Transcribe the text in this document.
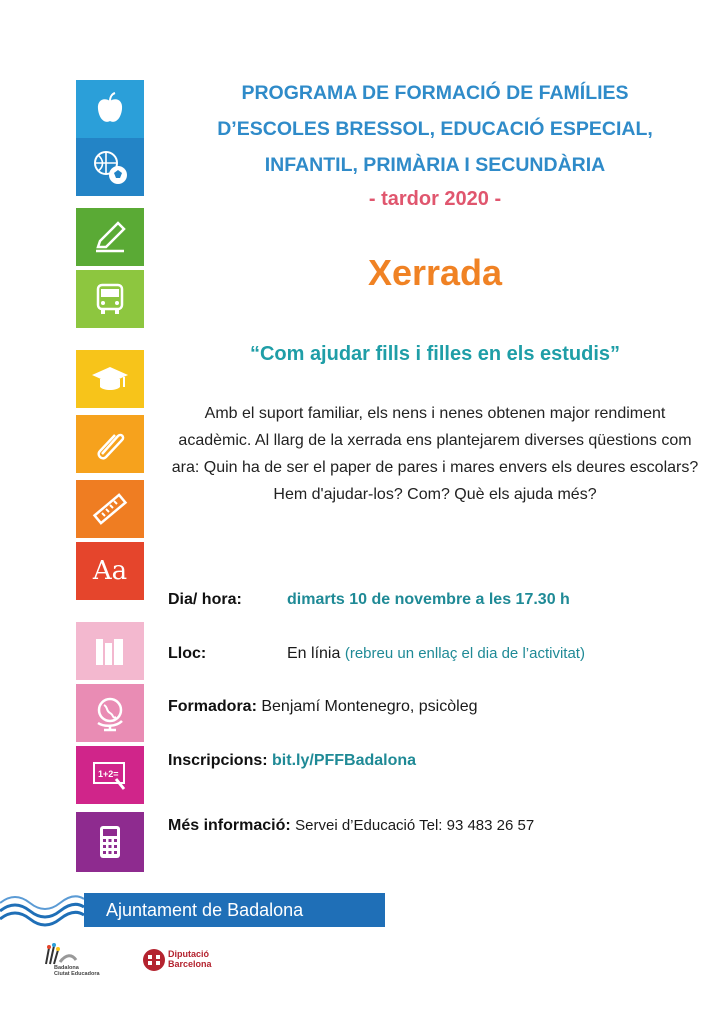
Aa
1+2=
PROGRAMA DE FORMACIÓ DE FAMÍLIES
D’ESCOLES BRESSOL, EDUCACIÓ ESPECIAL,
INFANTIL, PRIMÀRIA I SECUNDÀRIA
- tardor 2020 -
Xerrada
“Com ajudar fills i filles en els estudis”
Amb el suport familiar, els nens i nenes obtenen major rendiment acadèmic. Al llarg de la xerrada ens plantejarem diverses qüestions com ara: Quin ha de ser el paper de pares i mares envers els deures escolars? Hem d'ajudar-los? Com? Què els ajuda més?
Dia/ hora:	dimarts 10 de novembre a les 17.30 h
Lloc:	En línia (rebreu un enllaç el dia de l’activitat)
Formadora: Benjamí Montenegro, psicòleg
Inscripcions: bit.ly/PFFBadalona
Més informació: Servei d’Educació Tel: 93 483 26 57
Ajuntament de Badalona
Badalona
Ciutat Educadora
Diputació
Barcelona
